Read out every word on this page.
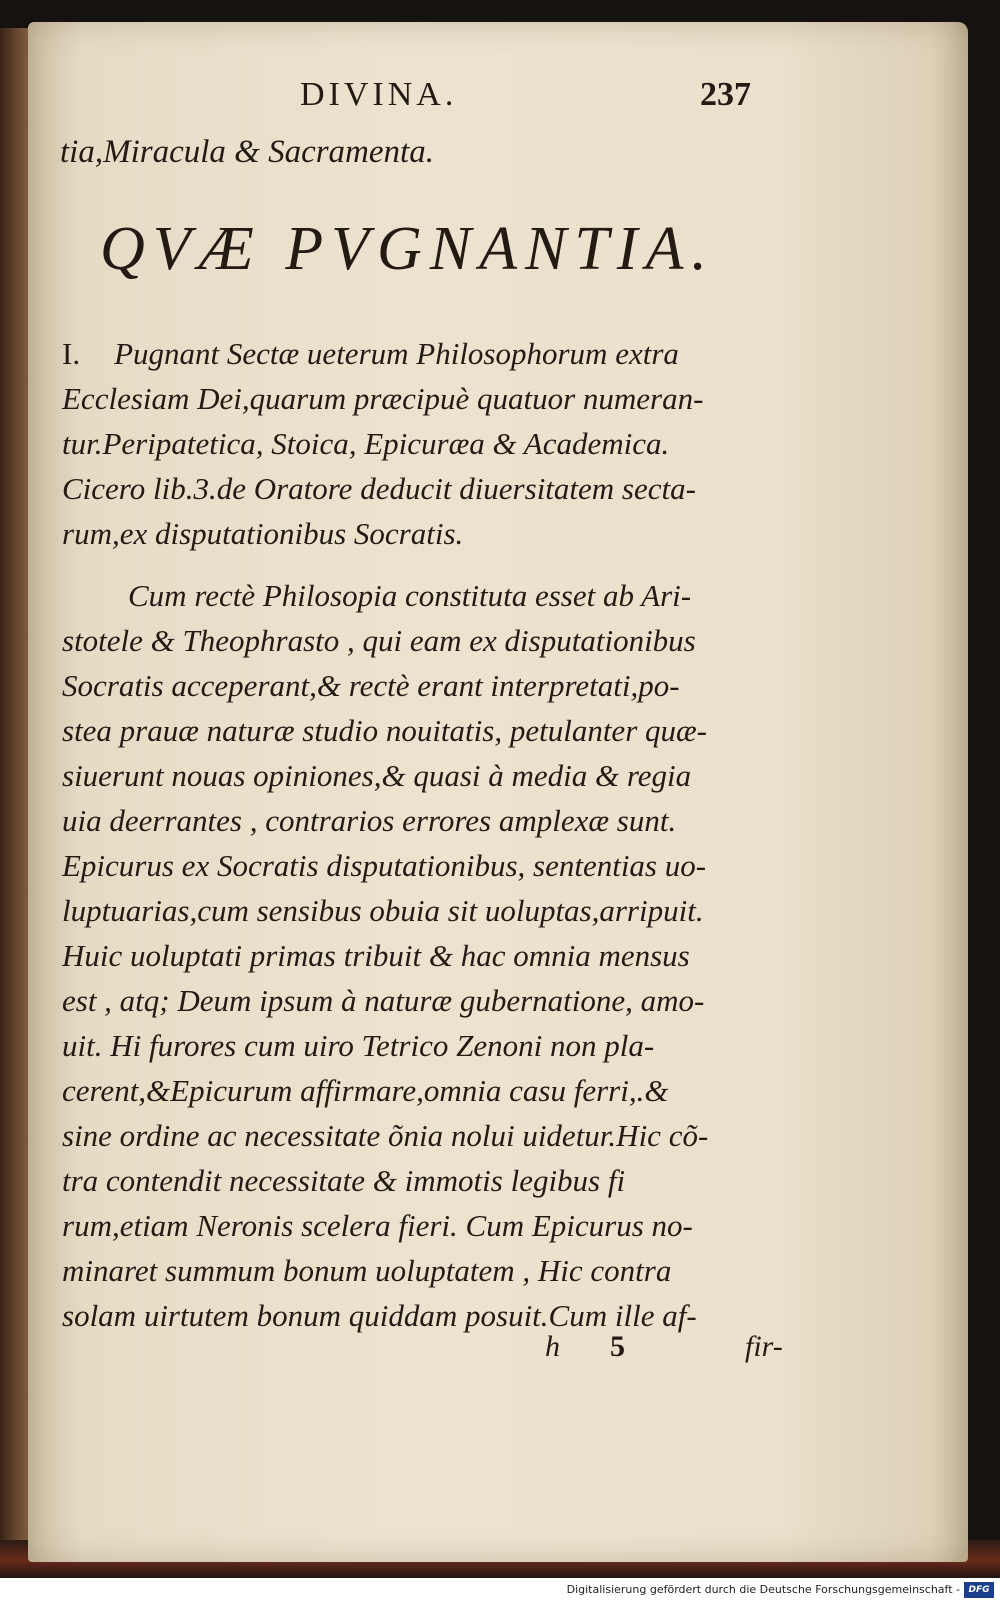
DIVINA.	237
tia,Miracula & Sacramenta.
QVÆ PVGNANTIA.
I. Pugnant Sectæ ueterum Philosophorum extra
Ecclesiam Dei,quarum præcipuè quatuor numeran-
tur.Peripatetica, Stoica, Epicuræa & Academica.
Cicero lib.3.de Oratore deducit diuersitatem secta-
rum,ex disputationibus Socratis.
Cum rectè Philosopia constituta esset ab Ari-
stotele & Theophrasto , qui eam ex disputationibus
Socratis acceperant,& rectè erant interpretati,po-
stea prauæ naturæ studio nouitatis, petulanter quæ-
siuerunt nouas opiniones,& quasi à media & regia
uia deerrantes , contrarios errores amplexæ sunt.
Epicurus ex Socratis disputationibus, sententias uo-
luptuarias,cum sensibus obuia sit uoluptas,arripuit.
Huic uoluptati primas tribuit & hac omnia mensus
est , atq; Deum ipsum à naturæ gubernatione, amo-
uit. Hi furores cum uiro Tetrico Zenoni non pla-
cerent,&Epicurum affirmare,omnia casu ferri,.&
sine ordine ac necessitate õnia nolui uidetur.Hic cõ-
tra contendit necessitate & immotis legibus fi
rum,etiam Neronis scelera fieri. Cum Epicurus no-
minaret summum bonum uoluptatem , Hic contra
solam uirtutem bonum quiddam posuit.Cum ille af-
h 5	fir-
Digitalisierung gefördert durch die Deutsche Forschungsgemeinschaft - DFG
